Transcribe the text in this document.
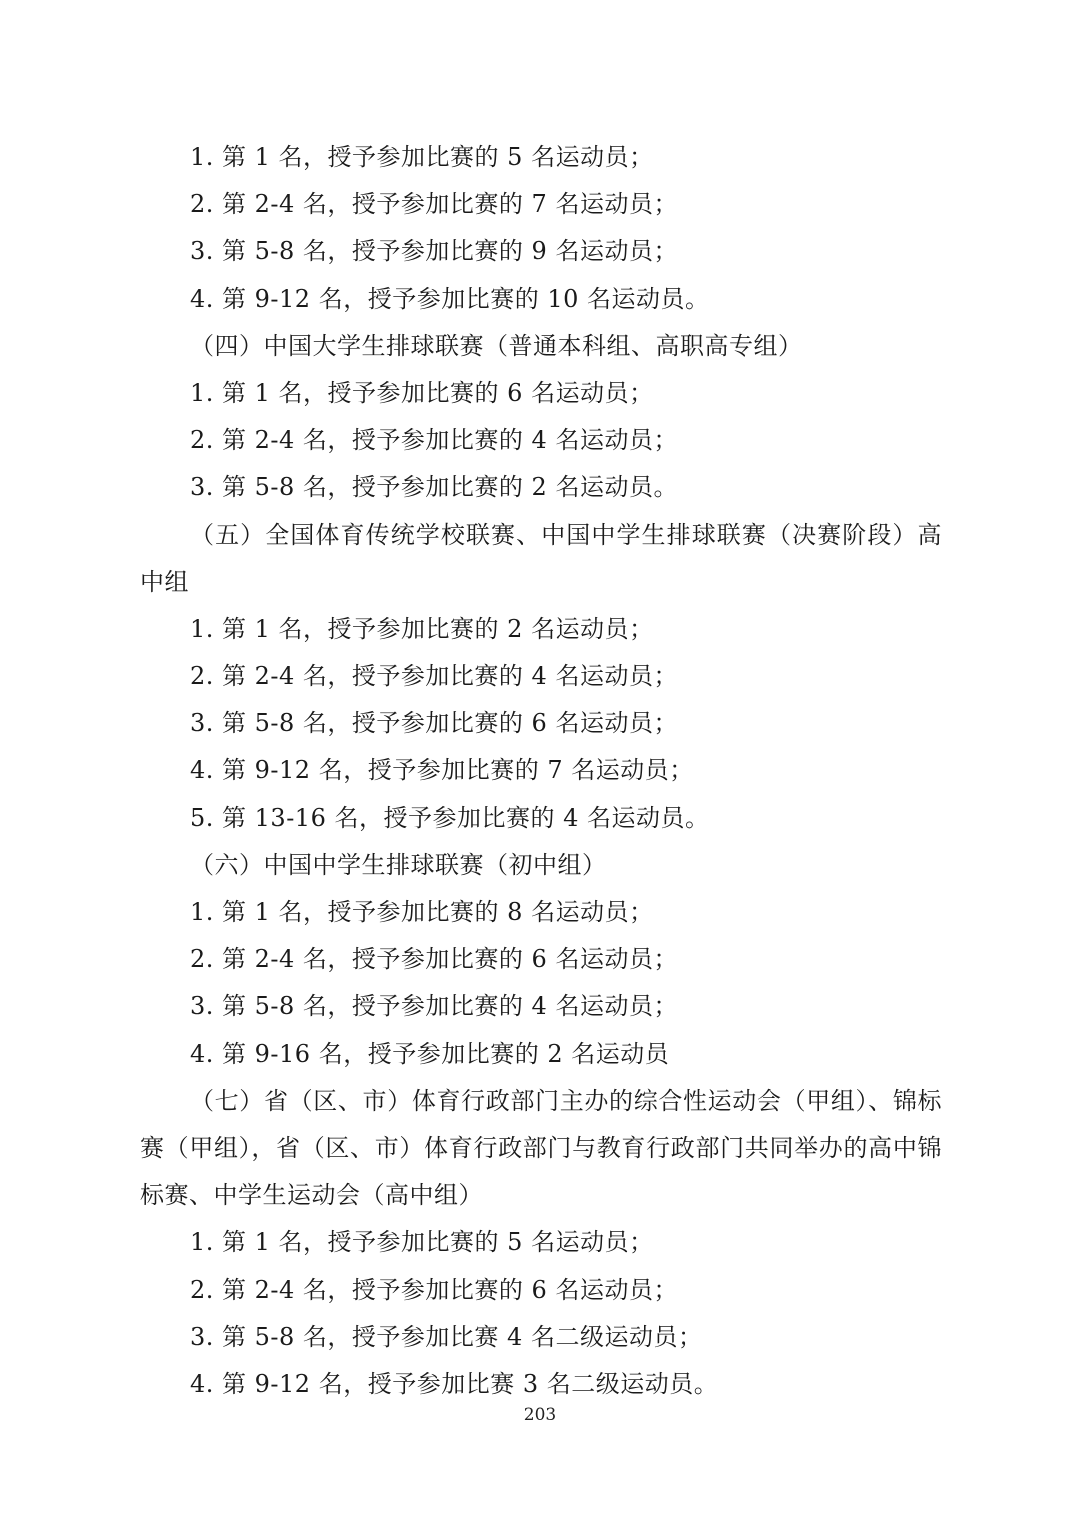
1. 第 1 名，授予参加比赛的 5 名运动员；
2. 第 2-4 名，授予参加比赛的 7 名运动员；
3. 第 5-8 名，授予参加比赛的 9 名运动员；
4. 第 9-12 名，授予参加比赛的 10 名运动员。
（四）中国大学生排球联赛（普通本科组、高职高专组）
1. 第 1 名，授予参加比赛的 6 名运动员；
2. 第 2-4 名，授予参加比赛的 4 名运动员；
3. 第 5-8 名，授予参加比赛的 2 名运动员。
（五）全国体育传统学校联赛、中国中学生排球联赛（决赛阶段）高中组
1. 第 1 名，授予参加比赛的 2 名运动员；
2. 第 2-4 名，授予参加比赛的 4 名运动员；
3. 第 5-8 名，授予参加比赛的 6 名运动员；
4. 第 9-12 名，授予参加比赛的 7 名运动员；
5. 第 13-16 名，授予参加比赛的 4 名运动员。
（六）中国中学生排球联赛（初中组）
1. 第 1 名，授予参加比赛的 8 名运动员；
2. 第 2-4 名，授予参加比赛的 6 名运动员；
3. 第 5-8 名，授予参加比赛的 4 名运动员；
4. 第 9-16 名，授予参加比赛的 2 名运动员
（七）省（区、市）体育行政部门主办的综合性运动会（甲组）、锦标赛（甲组），省（区、市）体育行政部门与教育行政部门共同举办的高中锦标赛、中学生运动会（高中组）
1. 第 1 名，授予参加比赛的 5 名运动员；
2. 第 2-4 名，授予参加比赛的 6 名运动员；
3. 第 5-8 名，授予参加比赛 4 名二级运动员；
4. 第 9-12 名，授予参加比赛 3 名二级运动员。
203
